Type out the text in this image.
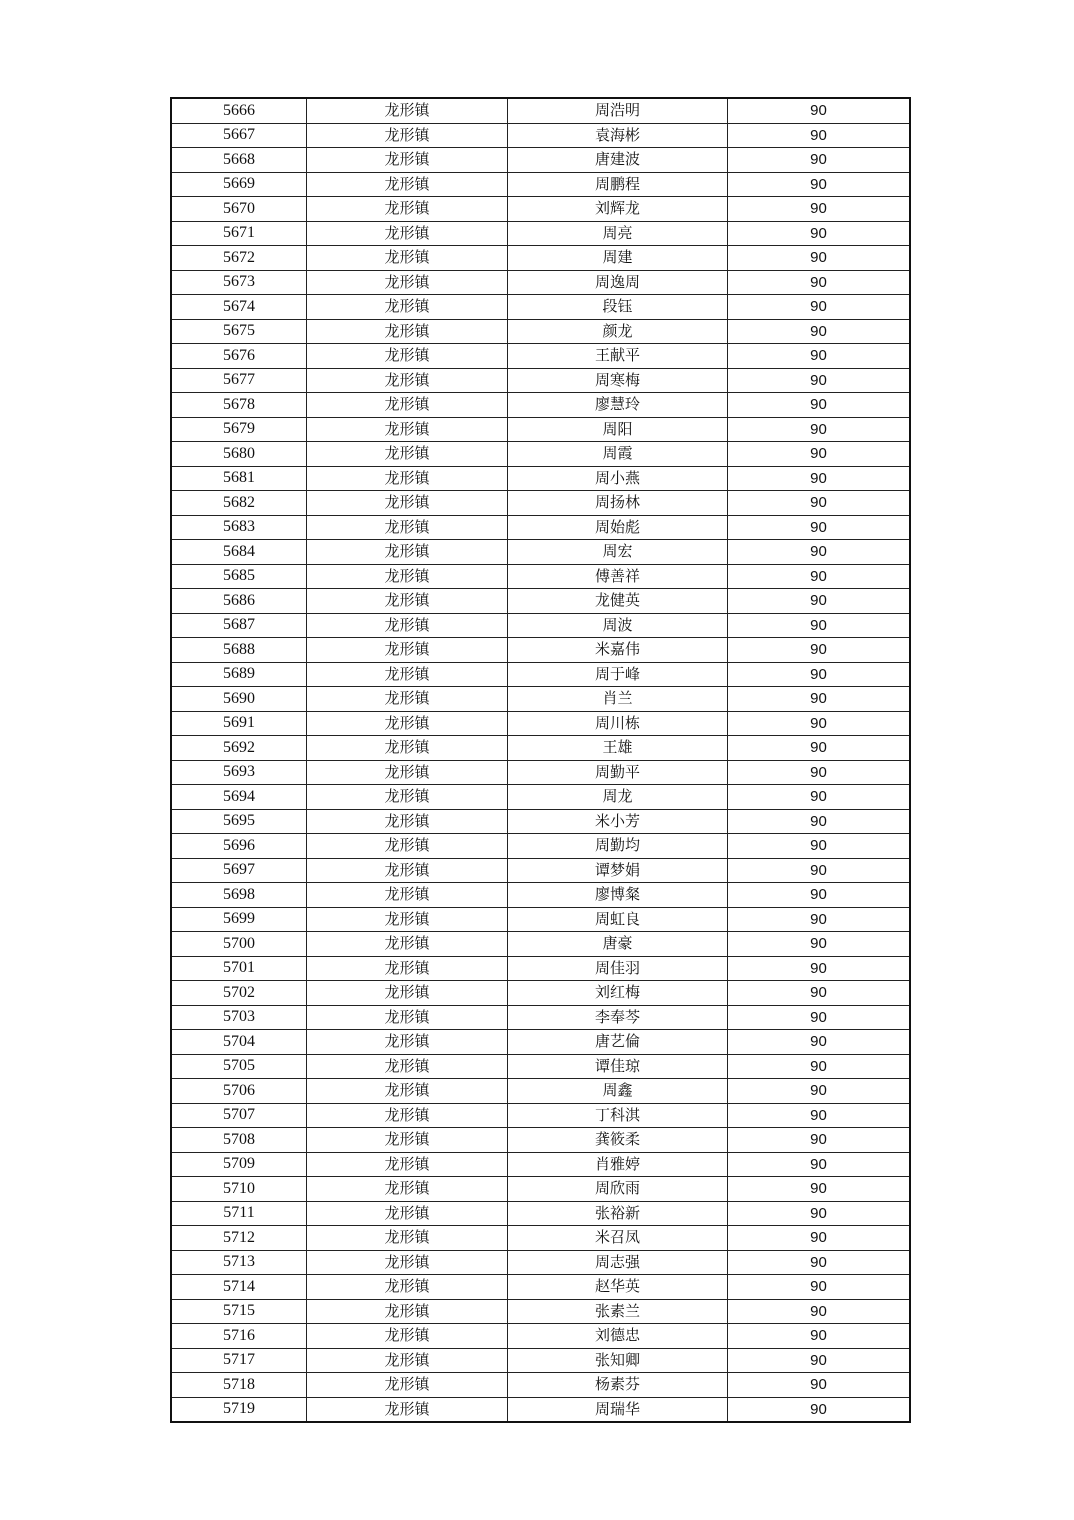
5666	龙形镇	周浩明	90
5667	龙形镇	袁海彬	90
5668	龙形镇	唐建波	90
5669	龙形镇	周鹏程	90
5670	龙形镇	刘辉龙	90
5671	龙形镇	周亮	90
5672	龙形镇	周建	90
5673	龙形镇	周逸周	90
5674	龙形镇	段钰	90
5675	龙形镇	颜龙	90
5676	龙形镇	王献平	90
5677	龙形镇	周寒梅	90
5678	龙形镇	廖慧玲	90
5679	龙形镇	周阳	90
5680	龙形镇	周霞	90
5681	龙形镇	周小燕	90
5682	龙形镇	周扬林	90
5683	龙形镇	周始彪	90
5684	龙形镇	周宏	90
5685	龙形镇	傅善祥	90
5686	龙形镇	龙健英	90
5687	龙形镇	周波	90
5688	龙形镇	米嘉伟	90
5689	龙形镇	周于峰	90
5690	龙形镇	肖兰	90
5691	龙形镇	周川栋	90
5692	龙形镇	王雄	90
5693	龙形镇	周勤平	90
5694	龙形镇	周龙	90
5695	龙形镇	米小芳	90
5696	龙形镇	周勤均	90
5697	龙形镇	谭梦娟	90
5698	龙形镇	廖博粲	90
5699	龙形镇	周虹良	90
5700	龙形镇	唐豪	90
5701	龙形镇	周佳羽	90
5702	龙形镇	刘红梅	90
5703	龙形镇	李奉芩	90
5704	龙形镇	唐艺倫	90
5705	龙形镇	谭佳琼	90
5706	龙形镇	周鑫	90
5707	龙形镇	丁科淇	90
5708	龙形镇	龚筱柔	90
5709	龙形镇	肖雅婷	90
5710	龙形镇	周欣雨	90
5711	龙形镇	张裕新	90
5712	龙形镇	米召凤	90
5713	龙形镇	周志强	90
5714	龙形镇	赵华英	90
5715	龙形镇	张素兰	90
5716	龙形镇	刘德忠	90
5717	龙形镇	张知卿	90
5718	龙形镇	杨素芬	90
5719	龙形镇	周瑞华	90
